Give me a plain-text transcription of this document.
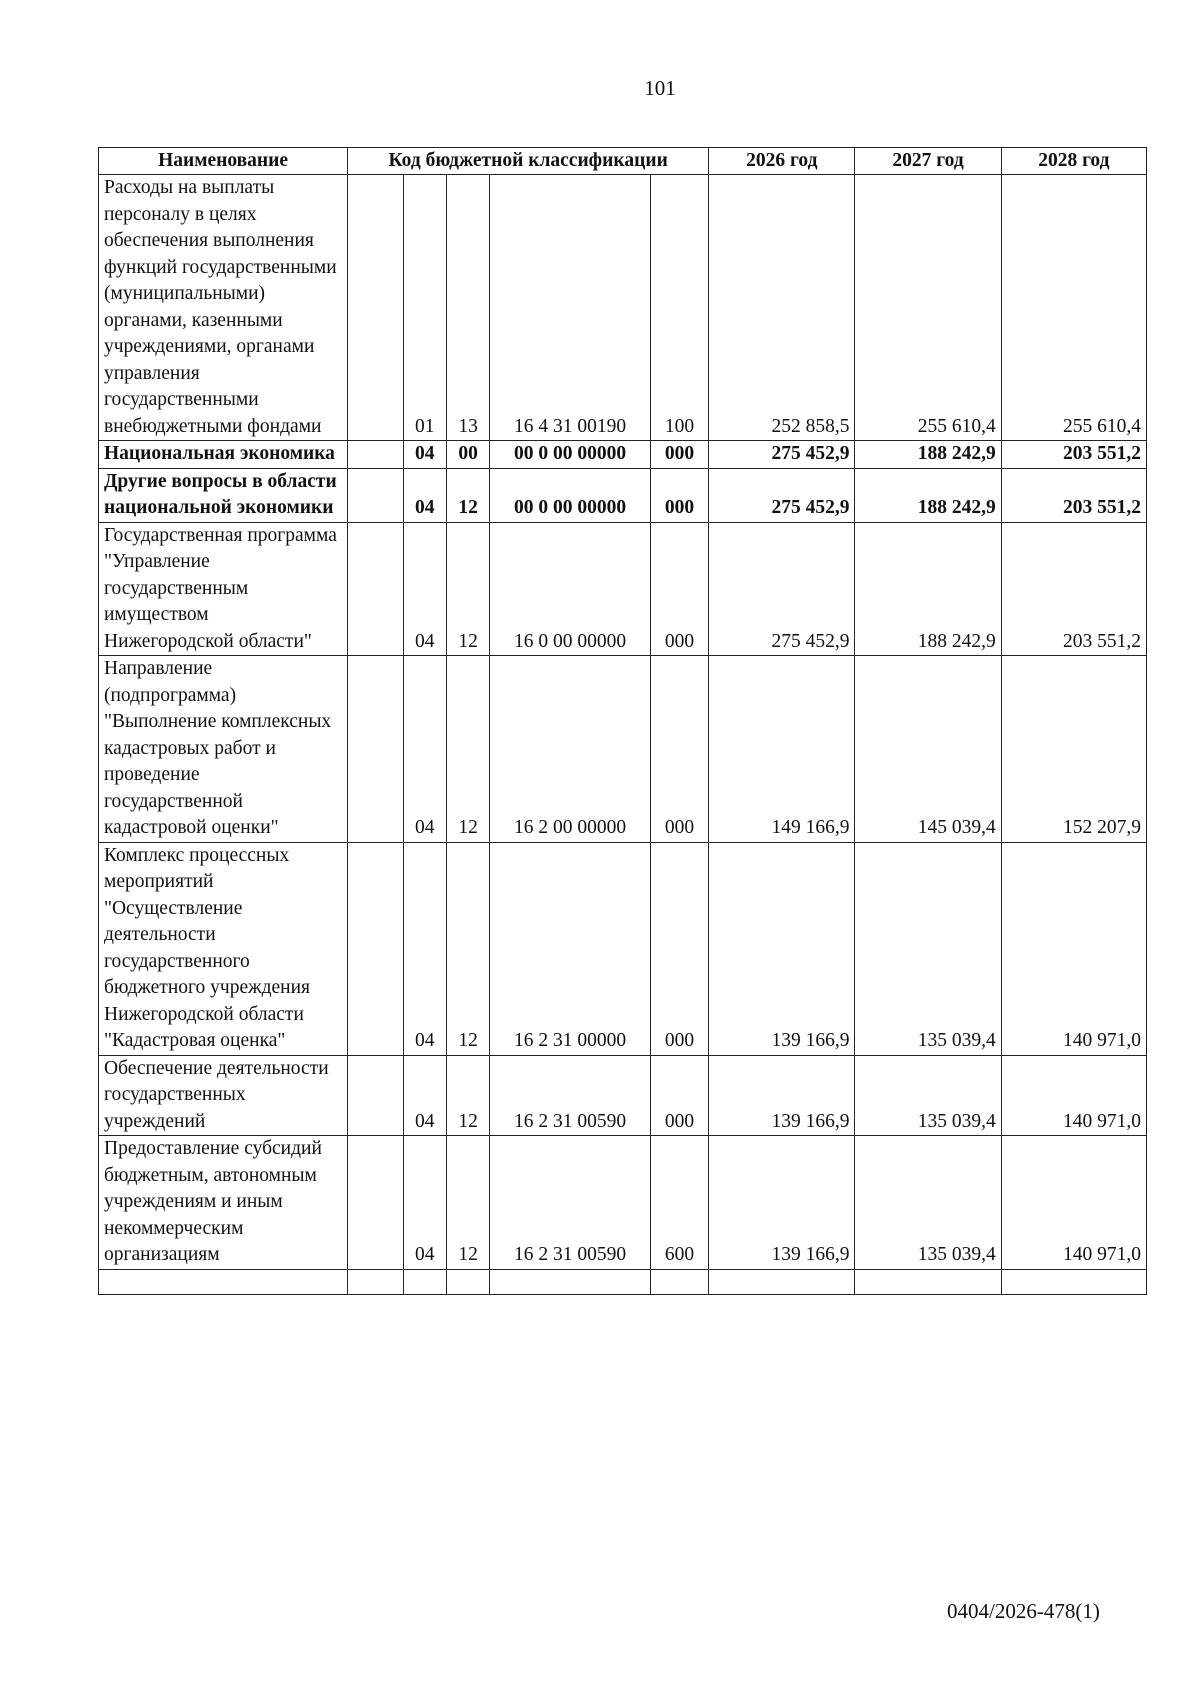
101
Наименование	Код бюджетной классификации					2026 год	2027 год	2028 год
Расходы на выплаты персоналу в целях обеспечения выполнения функций государственными (муниципальными) органами, казенными учреждениями, органами управления государственными внебюджетными фондами		01	13	16 4 31 00190	100	252 858,5	255 610,4	255 610,4
Национальная экономика		04	00	00 0 00 00000	000	275 452,9	188 242,9	203 551,2
Другие вопросы в области национальной экономики		04	12	00 0 00 00000	000	275 452,9	188 242,9	203 551,2
Государственная программа "Управление государственным имуществом Нижегородской области"		04	12	16 0 00 00000	000	275 452,9	188 242,9	203 551,2
Направление (подпрограмма) "Выполнение комплексных кадастровых работ и проведение государственной кадастровой оценки"		04	12	16 2 00 00000	000	149 166,9	145 039,4	152 207,9
Комплекс процессных мероприятий "Осуществление деятельности государственного бюджетного учреждения Нижегородской области "Кадастровая оценка"		04	12	16 2 31 00000	000	139 166,9	135 039,4	140 971,0
Обеспечение деятельности государственных учреждений		04	12	16 2 31 00590	000	139 166,9	135 039,4	140 971,0
Предоставление субсидий бюджетным, автономным учреждениям и иным некоммерческим организациям		04	12	16 2 31 00590	600	139 166,9	135 039,4	140 971,0

0404/2026-478(1)
